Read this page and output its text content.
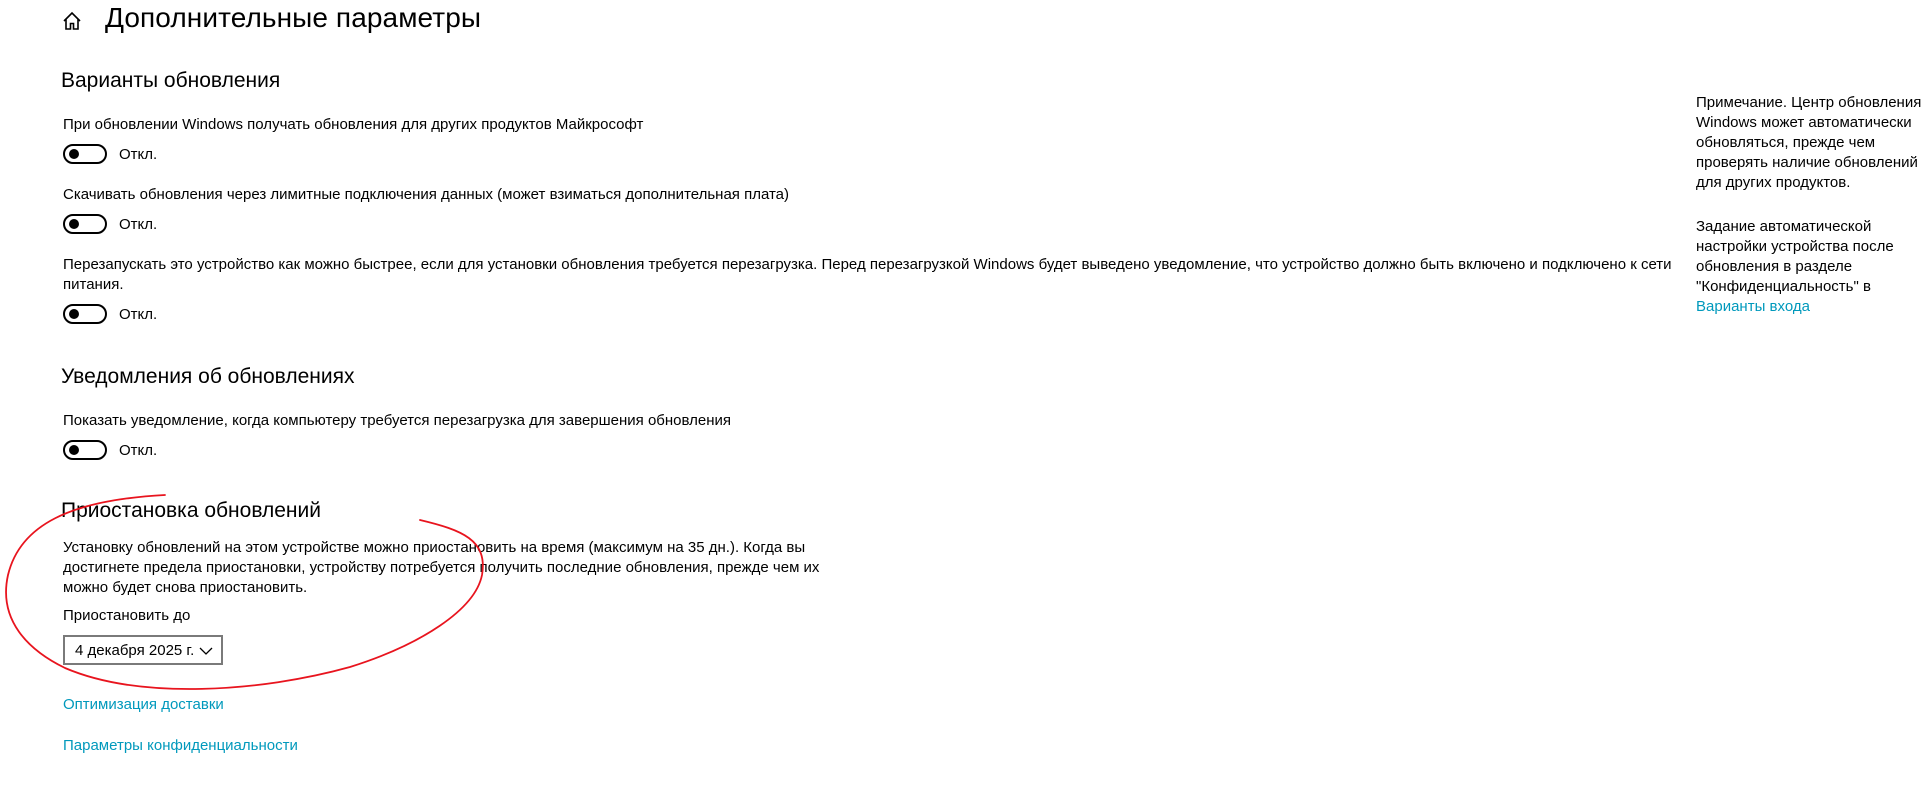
Дополнительные параметры
Варианты обновления
При обновлении Windows получать обновления для других продуктов Майкрософт
Откл.
Скачивать обновления через лимитные подключения данных (может взиматься дополнительная плата)
Откл.
Перезапускать это устройство как можно быстрее, если для установки обновления требуется перезагрузка. Перед перезагрузкой Windows будет выведено уведомление, что устройство должно быть включено и подключено к сети питания.
Откл.
Уведомления об обновлениях
Показать уведомление, когда компьютеру требуется перезагрузка для завершения обновления
Откл.
Приостановка обновлений
Установку обновлений на этом устройстве можно приостановить на время (максимум на 35 дн.). Когда вы достигнете предела приостановки, устройству потребуется получить последние обновления, прежде чем их можно будет снова приостановить.
Приостановить до
4 декабря 2025 г.
Оптимизация доставки
Параметры конфиденциальности
Примечание. Центр обновления Windows может автоматически обновляться, прежде чем проверять наличие обновлений для других продуктов.
Задание автоматической настройки устройства после обновления в разделе "Конфиденциальность" в
Варианты входа
